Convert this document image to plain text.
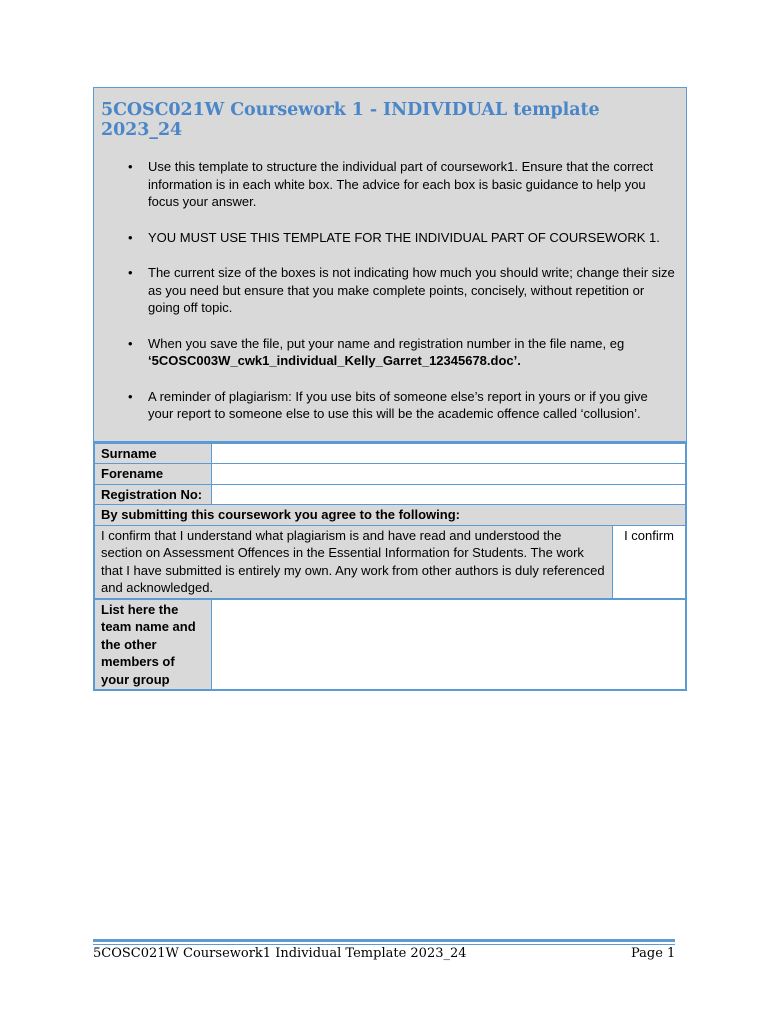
5COSC021W Coursework 1 - INDIVIDUAL template 2023_24
• Use this template to structure the individual part of coursework1. Ensure that the correct information is in each white box. The advice for each box is basic guidance to help you focus your answer.
• YOU MUST USE THIS TEMPLATE FOR THE INDIVIDUAL PART OF COURSEWORK 1.
• The current size of the boxes is not indicating how much you should write; change their size as you need but ensure that you make complete points, concisely, without repetition or going off topic.
• When you save the file, put your name and registration number in the file name, eg
‘5COSC003W_cwk1_individual_Kelly_Garret_12345678.doc’.
• A reminder of plagiarism: If you use bits of someone else’s report in yours or if you give your report to someone else to use this will be the academic offence called ‘collusion’.
Surname		
Forename		
Registration No:		
By submitting this coursework you agree to the following:		
I confirm that I understand what plagiarism is and have read and understood the section on Assessment Offences in the Essential Information for Students. The work that I have submitted is entirely my own. Any work from other authors is duly referenced and acknowledged.		I confirm
List here the team name and the other members of your group		
5COSC021W Coursework1 Individual Template 2023_24	Page 1
